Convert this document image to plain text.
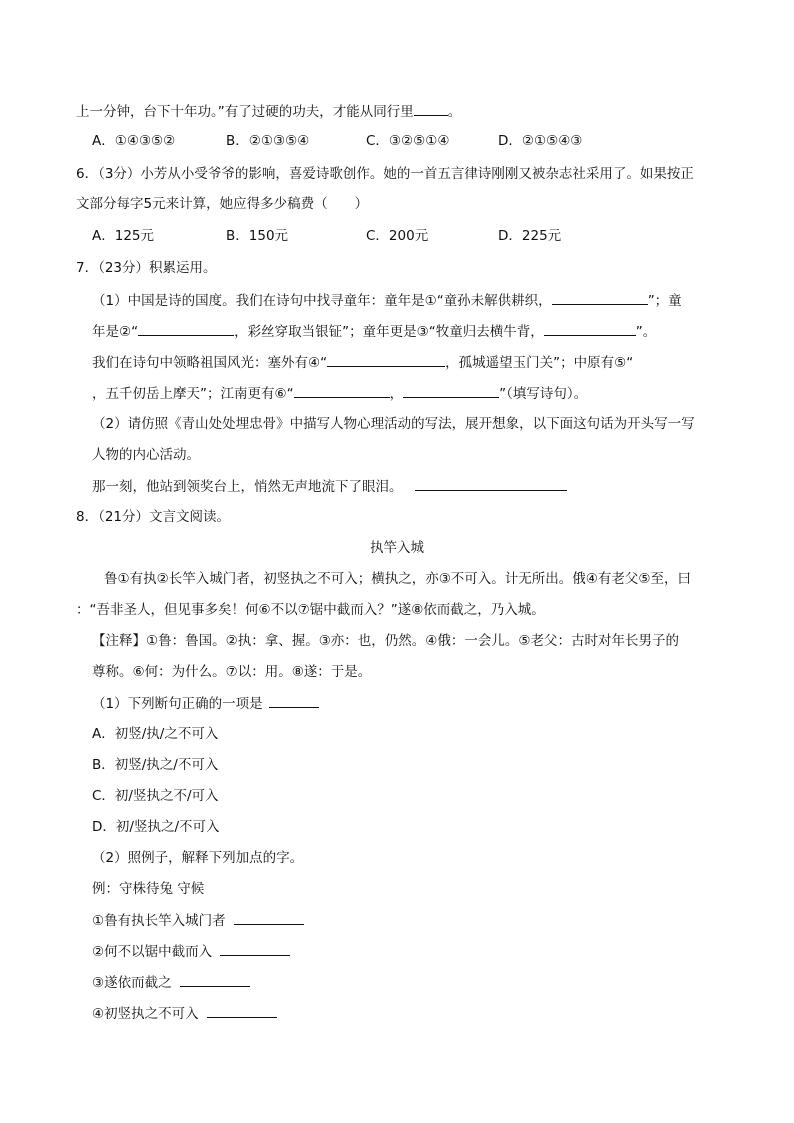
上一分钟，台下十年功。”有了过硬的功夫，才能从同行里	。
A．①④③⑤②	B．②①③⑤④	C．③②⑤①④	D．②①⑤④③
6．（3分）小芳从小受爷爷的影响，喜爱诗歌创作。她的一首五言律诗刚刚又被杂志社采用了。如果按正
文部分每字5元来计算，她应得多少稿费（　　）
A．125元	B．150元	C．200元	D．225元
7．（23分）积累运用。
（1）中国是诗的国度。我们在诗句中找寻童年：童年是①“童孙未解供耕织，	”；童
年是②“	，彩丝穿取当银钲”；童年更是③“牧童归去横牛背，	”。
我们在诗句中领略祖国风光：塞外有④“	，孤城遥望玉门关”；中原有⑤“
，五千仞岳上摩天”；江南更有⑥“	，	”（填写诗句）。
（2）请仿照《青山处处埋忠骨》中描写人物心理活动的写法，展开想象，以下面这句话为开头写一写
人物的内心活动。
那一刻，他站到领奖台上，悄然无声地流下了眼泪。
8．（21分）文言文阅读。
执竿入城
鲁①有执②长竿入城门者，初竖执之不可入；横执之，亦③不可入。计无所出。俄④有老父⑤至，曰
：“吾非圣人，但见事多矣！何⑥不以⑦锯中截而入？”遂⑧依而截之，乃入城。
【注释】①鲁：鲁国。②执：拿、握。③亦：也，仍然。④俄：一会儿。⑤老父：古时对年长男子的
尊称。⑥何：为什么。⑦以：用。⑧遂：于是。
（1）下列断句正确的一项是
A．初竖/执/之不可入
B．初竖/执之/不可入
C．初/竖执之不/可入
D．初/竖执之/不可入
（2）照例子，解释下列加点的字。
例：守株待兔 守候
①鲁有执长竿入城门者
②何不以锯中截而入
③遂依而截之
④初竖执之不可入
